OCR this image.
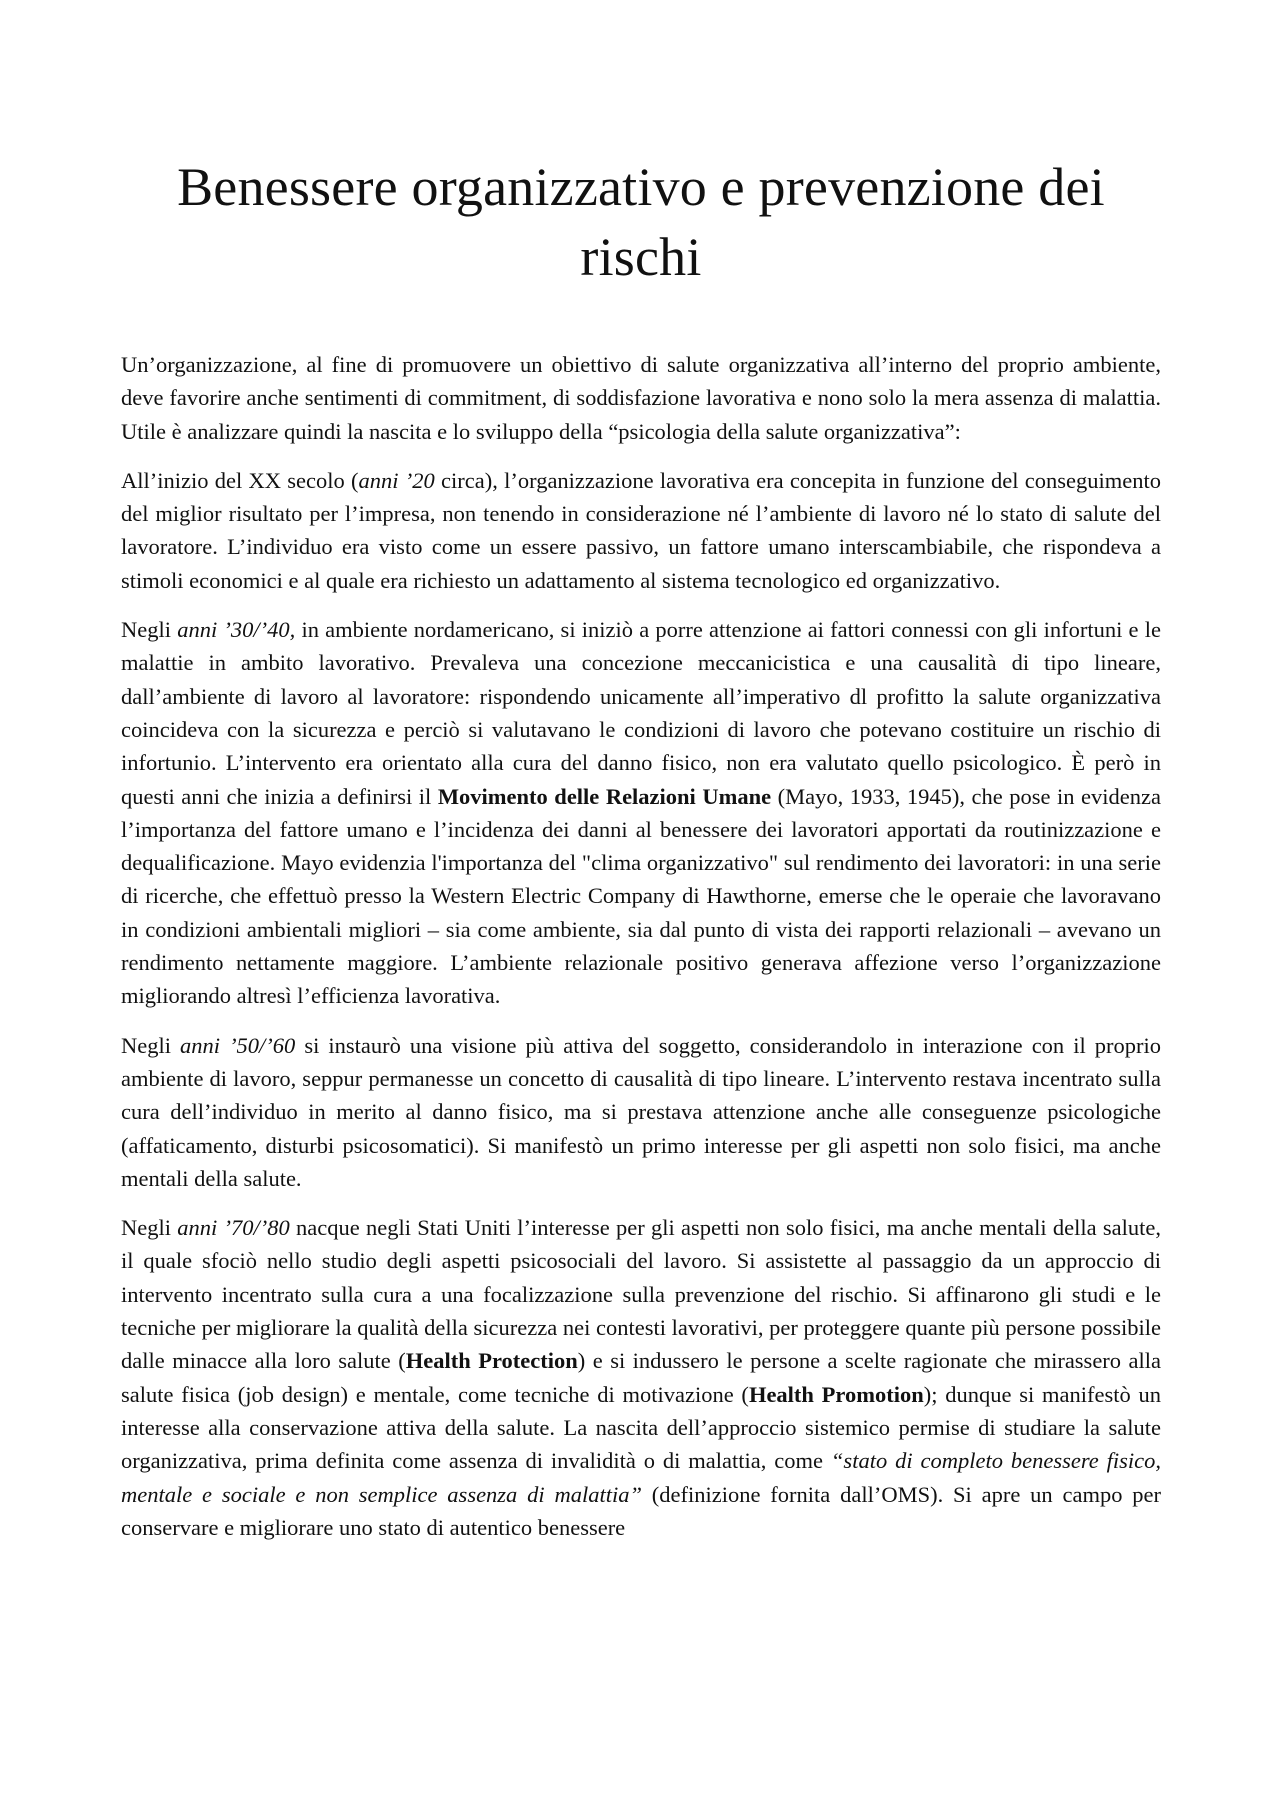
Benessere organizzativo e prevenzione dei rischi

Un’organizzazione, al fine di promuovere un obiettivo di salute organizzativa all’interno del proprio ambiente, deve favorire anche sentimenti di commitment, di soddisfazione lavorativa e nono solo la mera assenza di malattia. Utile è analizzare quindi la nascita e lo sviluppo della “psicologia della salute organizzativa”:

All’inizio del XX secolo (anni ’20 circa), l’organizzazione lavorativa era concepita in funzione del conseguimento del miglior risultato per l’impresa, non tenendo in considerazione né l’ambiente di lavoro né lo stato di salute del lavoratore. L’individuo era visto come un essere passivo, un fattore umano interscambiabile, che rispondeva a stimoli economici e al quale era richiesto un adattamento al sistema tecnologico ed organizzativo.

Negli anni ’30/’40, in ambiente nordamericano, si iniziò a porre attenzione ai fattori connessi con gli infortuni e le malattie in ambito lavorativo. Prevaleva una concezione meccanicistica e una causalità di tipo lineare, dall’ambiente di lavoro al lavoratore: rispondendo unicamente all’imperativo dl profitto la salute organizzativa coincideva con la sicurezza e perciò si valutavano le condizioni di lavoro che potevano costituire un rischio di infortunio. L’intervento era orientato alla cura del danno fisico, non era valutato quello psicologico. È però in questi anni che inizia a definirsi il Movimento delle Relazioni Umane (Mayo, 1933, 1945), che pose in evidenza l’importanza del fattore umano e l’incidenza dei danni al benessere dei lavoratori apportati da routinizzazione e dequalificazione. Mayo evidenzia l'importanza del "clima organizzativo" sul rendimento dei lavoratori: in una serie di ricerche, che effettuò presso la Western Electric Company di Hawthorne, emerse che le operaie che lavoravano in condizioni ambientali migliori – sia come ambiente, sia dal punto di vista dei rapporti relazionali – avevano un rendimento nettamente maggiore. L’ambiente relazionale positivo generava affezione verso l’organizzazione migliorando altresì l’efficienza lavorativa.

Negli anni ’50/’60 si instaurò una visione più attiva del soggetto, considerandolo in interazione con il proprio ambiente di lavoro, seppur permanesse un concetto di causalità di tipo lineare. L’intervento restava incentrato sulla cura dell’individuo in merito al danno fisico, ma si prestava attenzione anche alle conseguenze psicologiche (affaticamento, disturbi psicosomatici). Si manifestò un primo interesse per gli aspetti non solo fisici, ma anche mentali della salute.

Negli anni ’70/’80 nacque negli Stati Uniti l’interesse per gli aspetti non solo fisici, ma anche mentali della salute, il quale sfociò nello studio degli aspetti psicosociali del lavoro. Si assistette al passaggio da un approccio di intervento incentrato sulla cura a una focalizzazione sulla prevenzione del rischio. Si affinarono gli studi e le tecniche per migliorare la qualità della sicurezza nei contesti lavorativi, per proteggere quante più persone possibile dalle minacce alla loro salute (Health Protection) e si indussero le persone a scelte ragionate che mirassero alla salute fisica (job design) e mentale, come tecniche di motivazione (Health Promotion); dunque si manifestò un interesse alla conservazione attiva della salute. La nascita dell’approccio sistemico permise di studiare la salute organizzativa, prima definita come assenza di invalidità o di malattia, come “stato di completo benessere fisico, mentale e sociale e non semplice assenza di malattia” (definizione fornita dall’OMS). Si apre un campo per conservare e migliorare uno stato di autentico benessere
